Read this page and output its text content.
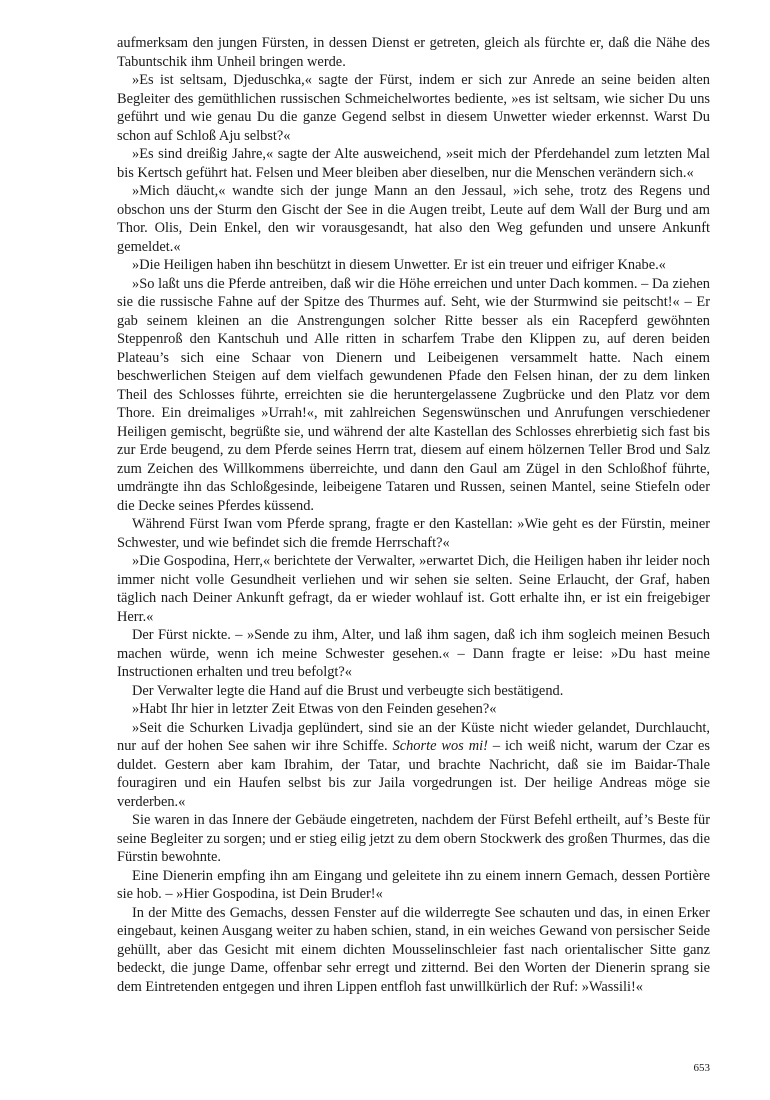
aufmerksam den jungen Fürsten, in dessen Dienst er getreten, gleich als fürchte er, daß die Nähe des Tabuntschik ihm Unheil bringen werde.

»Es ist seltsam, Djeduschka,« sagte der Fürst, indem er sich zur Anrede an seine beiden alten Begleiter des gemüthlichen russischen Schmeichelwortes bediente, »es ist seltsam, wie sicher Du uns geführt und wie genau Du die ganze Gegend selbst in diesem Unwetter wieder erkennst. Warst Du schon auf Schloß Aju selbst?«

»Es sind dreißig Jahre,« sagte der Alte ausweichend, »seit mich der Pferdehandel zum letzten Mal bis Kertsch geführt hat. Felsen und Meer bleiben aber dieselben, nur die Menschen verändern sich.«

»Mich däucht,« wandte sich der junge Mann an den Jessaul, »ich sehe, trotz des Regens und obschon uns der Sturm den Gischt der See in die Augen treibt, Leute auf dem Wall der Burg und am Thor. Olis, Dein Enkel, den wir vorausgesandt, hat also den Weg gefunden und unsere Ankunft gemeldet.«

»Die Heiligen haben ihn beschützt in diesem Unwetter. Er ist ein treuer und eifriger Knabe.«

»So laßt uns die Pferde antreiben, daß wir die Höhe erreichen und unter Dach kommen. – Da ziehen sie die russische Fahne auf der Spitze des Thurmes auf. Seht, wie der Sturmwind sie peitscht!« – Er gab seinem kleinen an die Anstrengungen solcher Ritte besser als ein Racepferd gewöhnten Steppenroß den Kantschuh und Alle ritten in scharfem Trabe den Klippen zu, auf deren beiden Plateau’s sich eine Schaar von Dienern und Leibeigenen versammelt hatte. Nach einem beschwerlichen Steigen auf dem vielfach gewundenen Pfade den Felsen hinan, der zu dem linken Theil des Schlosses führte, erreichten sie die heruntergelassene Zugbrücke und den Platz vor dem Thore. Ein dreimaliges »Urrah!«, mit zahlreichen Segenswünschen und Anrufungen verschiedener Heiligen gemischt, begrüßte sie, und während der alte Kastellan des Schlosses ehrerbietig sich fast bis zur Erde beugend, zu dem Pferde seines Herrn trat, diesem auf einem hölzernen Teller Brod und Salz zum Zeichen des Willkommens überreichte, und dann den Gaul am Zügel in den Schloßhof führte, umdrängte ihn das Schloßgesinde, leibeigene Tataren und Russen, seinen Mantel, seine Stiefeln oder die Decke seines Pferdes küssend.

Während Fürst Iwan vom Pferde sprang, fragte er den Kastellan: »Wie geht es der Fürstin, meiner Schwester, und wie befindet sich die fremde Herrschaft?«

»Die Gospodina, Herr,« berichtete der Verwalter, »erwartet Dich, die Heiligen haben ihr leider noch immer nicht volle Gesundheit verliehen und wir sehen sie selten. Seine Erlaucht, der Graf, haben täglich nach Deiner Ankunft gefragt, da er wieder wohlauf ist. Gott erhalte ihn, er ist ein freigebiger Herr.«

Der Fürst nickte. – »Sende zu ihm, Alter, und laß ihm sagen, daß ich ihm sogleich meinen Besuch machen würde, wenn ich meine Schwester gesehen.« – Dann fragte er leise: »Du hast meine Instructionen erhalten und treu befolgt?«

Der Verwalter legte die Hand auf die Brust und verbeugte sich bestätigend.

»Habt Ihr hier in letzter Zeit Etwas von den Feinden gesehen?«

»Seit die Schurken Livadja geplündert, sind sie an der Küste nicht wieder gelandet, Durchlaucht, nur auf der hohen See sahen wir ihre Schiffe. Schorte wos mi! – ich weiß nicht, warum der Czar es duldet. Gestern aber kam Ibrahim, der Tatar, und brachte Nachricht, daß sie im Baidar-Thale fouragiren und ein Haufen selbst bis zur Jaila vorgedrungen ist. Der heilige Andreas möge sie verderben.«

Sie waren in das Innere der Gebäude eingetreten, nachdem der Fürst Befehl ertheilt, auf’s Beste für seine Begleiter zu sorgen; und er stieg eilig jetzt zu dem obern Stockwerk des großen Thurmes, das die Fürstin bewohnte.

Eine Dienerin empfing ihn am Eingang und geleitete ihn zu einem innern Gemach, dessen Portière sie hob. – »Hier Gospodina, ist Dein Bruder!«

In der Mitte des Gemachs, dessen Fenster auf die wilderregte See schauten und das, in einen Erker eingebaut, keinen Ausgang weiter zu haben schien, stand, in ein weiches Gewand von persischer Seide gehüllt, aber das Gesicht mit einem dichten Mousselinschleier fast nach orientalischer Sitte ganz bedeckt, die junge Dame, offenbar sehr erregt und zitternd. Bei den Worten der Dienerin sprang sie dem Eintretenden entgegen und ihren Lippen entfloh fast unwillkürlich der Ruf: »Wassili!«

653
